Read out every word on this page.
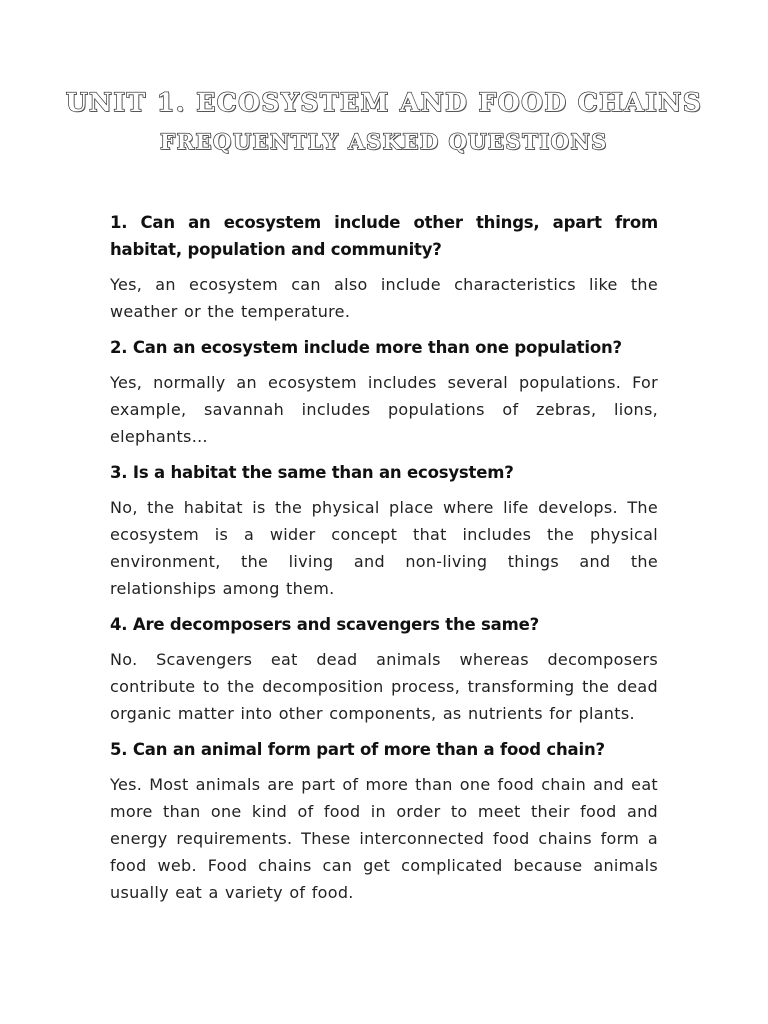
UNIT 1. ECOSYSTEM AND FOOD CHAINS
FREQUENTLY ASKED QUESTIONS

1. Can an ecosystem include other things, apart from habitat, population and community?

Yes, an ecosystem can also include characteristics like the weather or the temperature.

2. Can an ecosystem include more than one population?

Yes, normally an ecosystem includes several populations. For example, savannah includes populations of zebras, lions, elephants…

3. Is a habitat the same than an ecosystem?

No, the habitat is the physical place where life develops. The ecosystem is a wider concept that includes the physical environment, the living and non-living things and the relationships among them.

4. Are decomposers and scavengers the same?

No. Scavengers eat dead animals whereas decomposers contribute to the decomposition process, transforming the dead organic matter into other components, as nutrients for plants.

5. Can an animal form part of more than a food chain?

Yes. Most animals are part of more than one food chain and eat more than one kind of food in order to meet their food and energy requirements. These interconnected food chains form a food web. Food chains can get complicated because animals usually eat a variety of food.
